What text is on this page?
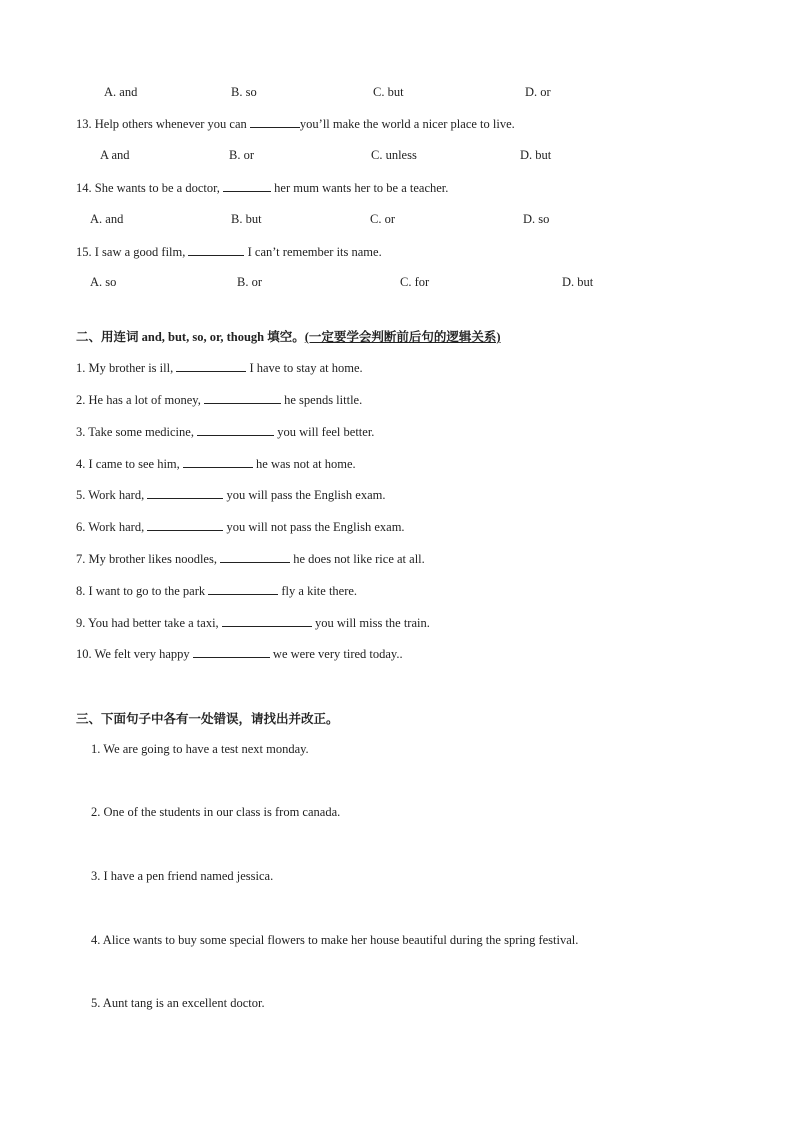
A. and	B. so	C. but	D. or
13. Help others whenever you can	you’ll make the world a nicer place to live.
A and	B. or	C. unless	D. but
14. She wants to be a doctor,	her mum wants her to be a teacher.
A. and	B. but	C. or	D. so
15. I saw a good film,	I can’t remember its name.
A. so	B. or	C. for	D. but
二、用连词 and, but, so, or, though 填空。(一定要学会判断前后句的逻辑关系)
1. My brother is ill,	I have to stay at home.
2. He has a lot of money,	he spends little.
3. Take some medicine,	you will feel better.
4. I came to see him,	he was not at home.
5. Work hard,	you will pass the English exam.
6. Work hard,	you will not pass the English exam.
7. My brother likes noodles,	he does not like rice at all.
8. I want to go to the park	fly a kite there.
9. You had better take a taxi,	you will miss the train.
10. We felt very happy	we were very tired today..
三、下面句子中各有一处错误，请找出并改正。
1. We are going to have a test next monday.
2. One of the students in our class is from canada.
3. I have a pen friend named jessica.
4. Alice wants to buy some special flowers to make her house beautiful during the spring festival.
5. Aunt tang is an excellent doctor.
